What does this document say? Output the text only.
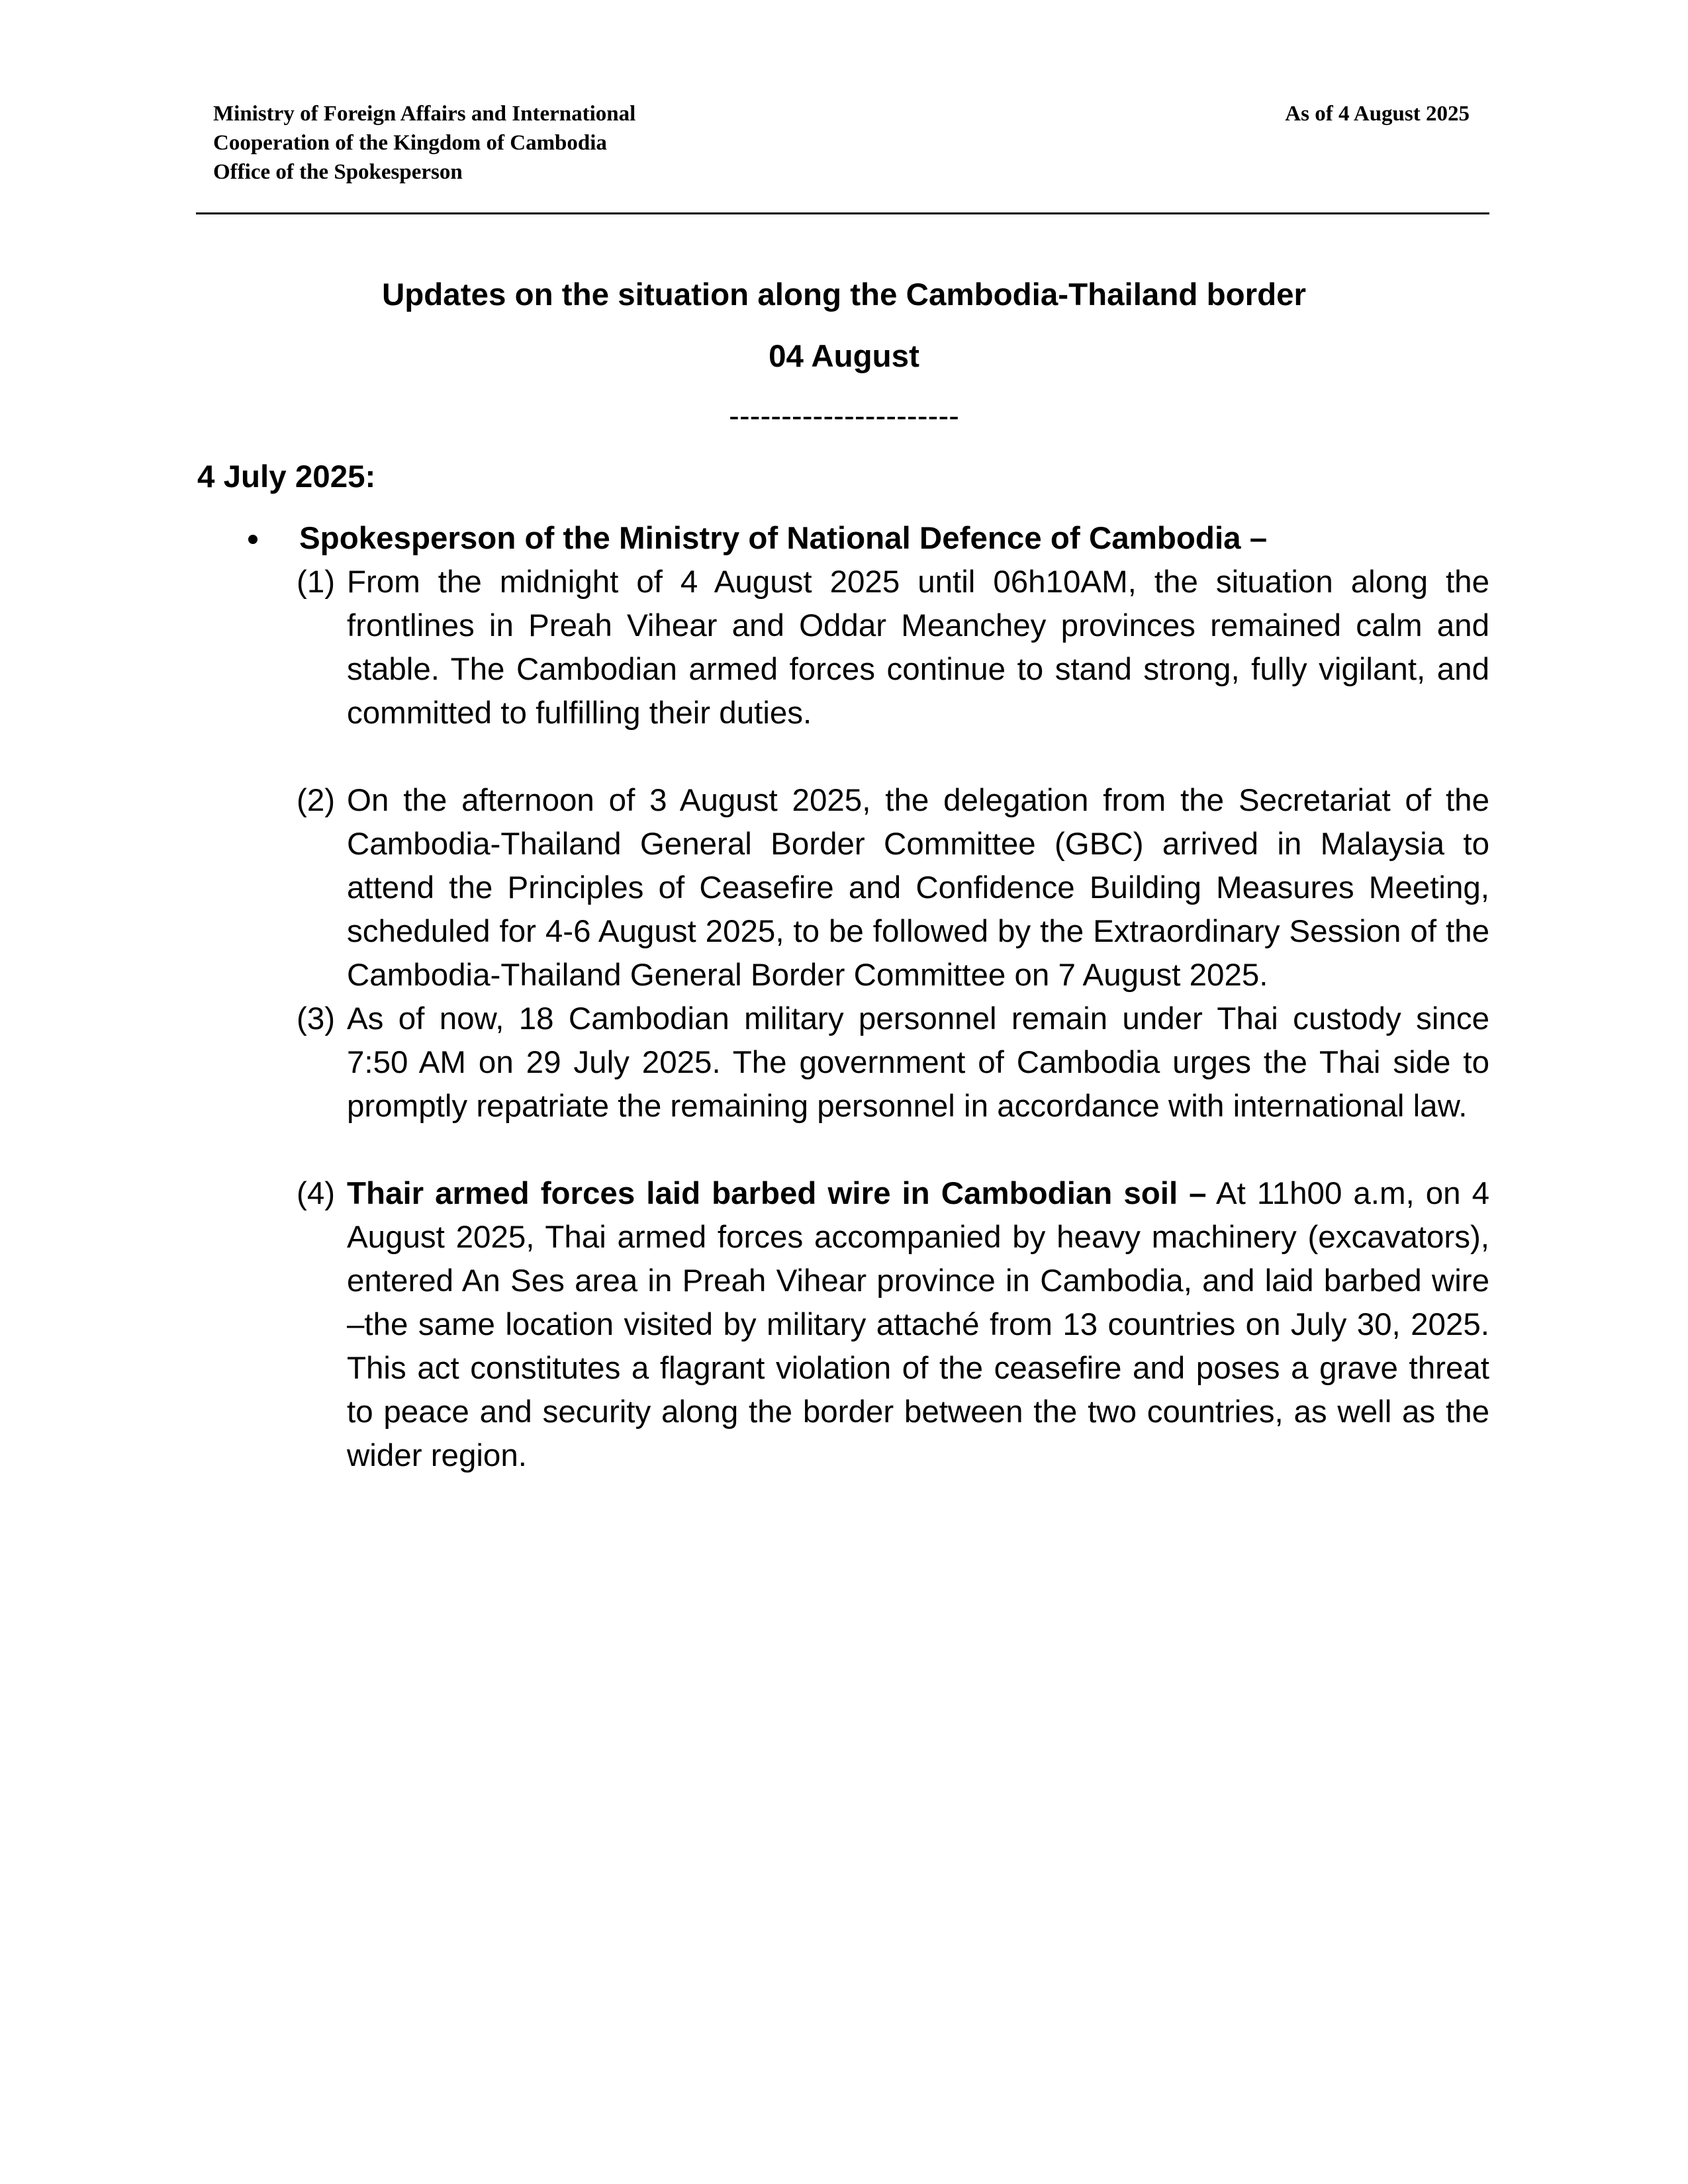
Ministry of Foreign Affairs and International
Cooperation of the Kingdom of Cambodia
Office of the Spokesperson
As of 4 August 2025
Updates on the situation along the Cambodia-Thailand border
04 August
----------------------
4 July 2025:
Spokesperson of the Ministry of National Defence of Cambodia –
(1) From the midnight of 4 August 2025 until 06h10AM, the situation along the frontlines in Preah Vihear and Oddar Meanchey provinces remained calm and stable. The Cambodian armed forces continue to stand strong, fully vigilant, and committed to fulfilling their duties.
(2) On the afternoon of 3 August 2025, the delegation from the Secretariat of the Cambodia-Thailand General Border Committee (GBC) arrived in Malaysia to attend the Principles of Ceasefire and Confidence Building Measures Meeting, scheduled for 4-6 August 2025, to be followed by the Extraordinary Session of the Cambodia-Thailand General Border Committee on 7 August 2025.
(3) As of now, 18 Cambodian military personnel remain under Thai custody since 7:50 AM on 29 July 2025. The government of Cambodia urges the Thai side to promptly repatriate the remaining personnel in accordance with international law.
(4) Thair armed forces laid barbed wire in Cambodian soil – At 11h00 a.m, on 4 August 2025, Thai armed forces accompanied by heavy machinery (excavators), entered An Ses area in Preah Vihear province in Cambodia, and laid barbed wire –the same location visited by military attaché from 13 countries on July 30, 2025. This act constitutes a flagrant violation of the ceasefire and poses a grave threat to peace and security along the border between the two countries, as well as the wider region.
